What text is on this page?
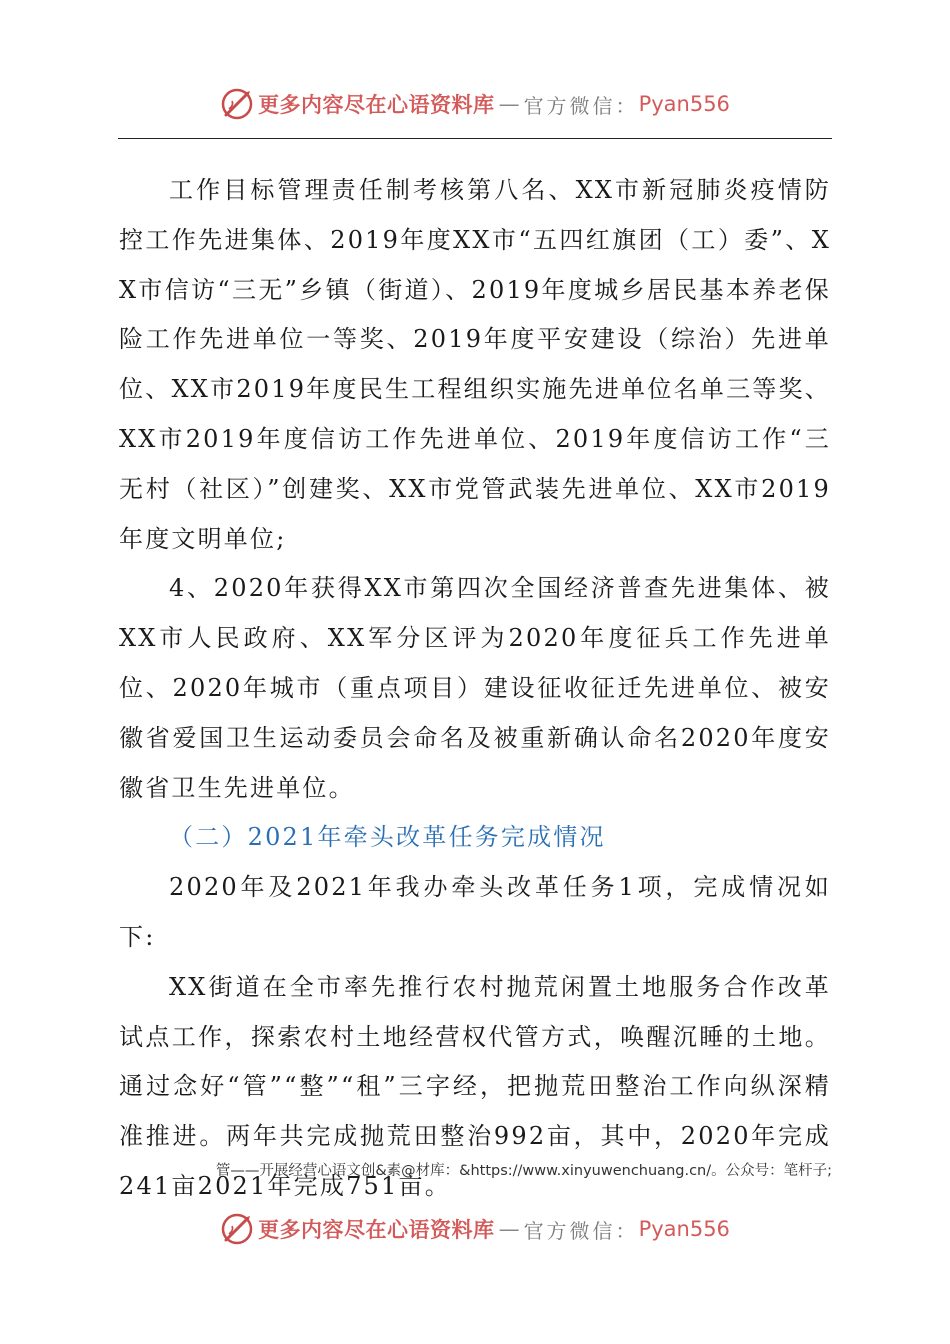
更多内容尽在心语资料库 — 官方微信： Pyan556

工作目标管理责任制考核第八名、XX市新冠肺炎疫情防控工作先进集体、2019年度XX市“五四红旗团（工）委”、XX市信访“三无”乡镇（街道）、2019年度城乡居民基本养老保险工作先进单位一等奖、2019年度平安建设（综治）先进单位、XX市2019年度民生工程组织实施先进单位名单三等奖、XX市2019年度信访工作先进单位、2019年度信访工作“三无村（社区）”创建奖、XX市党管武装先进单位、XX市2019年度文明单位;

4、2020年获得XX市第四次全国经济普查先进集体、被XX市人民政府、XX军分区评为2020年度征兵工作先进单位、2020年城市（重点项目）建设征收征迁先进单位、被安徽省爱国卫生运动委员会命名及被重新确认命名2020年度安徽省卫生先进单位。

（二）2021年牵头改革任务完成情况

2020年及2021年我办牵头改革任务1项，完成情况如下:

XX街道在全市率先推行农村抛荒闲置土地服务合作改革试点工作，探索农村土地经营权代管方式，唤醒沉睡的土地。通过念好“管”“整”“租”三字经，把抛荒田整治工作向纵深精准推进。两年共完成抛荒田整治992亩，其中，2020年完成241亩2021年完成751亩。

管——开展经营心语文创&素@材库：&https://www.xinyuwenchuang.cn/。公众号：笔杆子;
更多内容尽在心语资料库 — 官方微信： Pyan556
